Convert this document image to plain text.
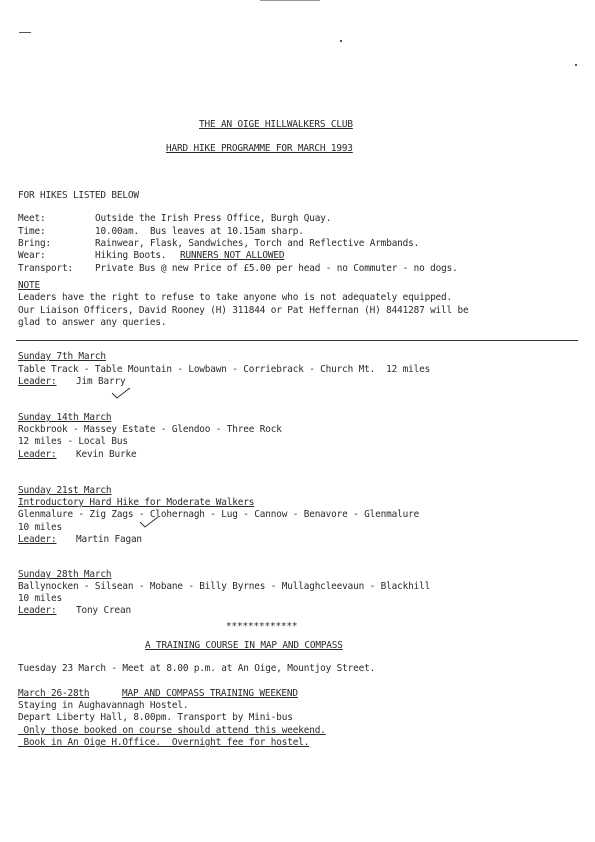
THE AN OIGE HILLWALKERS CLUB
HARD HIKE PROGRAMME FOR MARCH 1993
FOR HIKES LISTED BELOW
Meet:	Outside the Irish Press Office, Burgh Quay.
Time:	10.00am.  Bus leaves at 10.15am sharp.
Bring:	Rainwear, Flask, Sandwiches, Torch and Reflective Armbands.
Wear:	Hiking Boots. RUNNERS NOT ALLOWED
Transport: Private Bus @ new Price of £5.00 per head - no Commuter - no dogs.
NOTE
Leaders have the right to refuse to take anyone who is not adequately equipped.
Our Liaison Officers, David Rooney (H) 311844 or Pat Heffernan (H) 8441287 will be
glad to answer any queries.
Sunday 7th March
Table Track - Table Mountain - Lowbawn - Corriebrack - Church Mt.  12 miles
Leader: Jim Barry
Sunday 14th March
Rockbrook - Massey Estate - Glendoo - Three Rock
12 miles - Local Bus
Leader: Kevin Burke
Sunday 21st March
Introductory Hard Hike for Moderate Walkers
Glenmalure - Zig Zags - Clohernagh - Lug - Cannow - Benavore - Glenmalure
10 miles
Leader: Martin Fagan
Sunday 28th March
Ballynocken - Silsean - Mobane - Billy Byrnes - Mullaghcleevaun - Blackhill
10 miles
Leader: Tony Crean
*************
A TRAINING COURSE IN MAP AND COMPASS
Tuesday 23 March - Meet at 8.00 p.m. at An Oige, Mountjoy Street.
March 26-28th	MAP AND COMPASS TRAINING WEEKEND
Staying in Aughavannagh Hostel.
Depart Liberty Hall, 8.00pm. Transport by Mini-bus
Only those booked on course should attend this weekend.
Book in An Oige H.Office.  Overnight fee for hostel.
